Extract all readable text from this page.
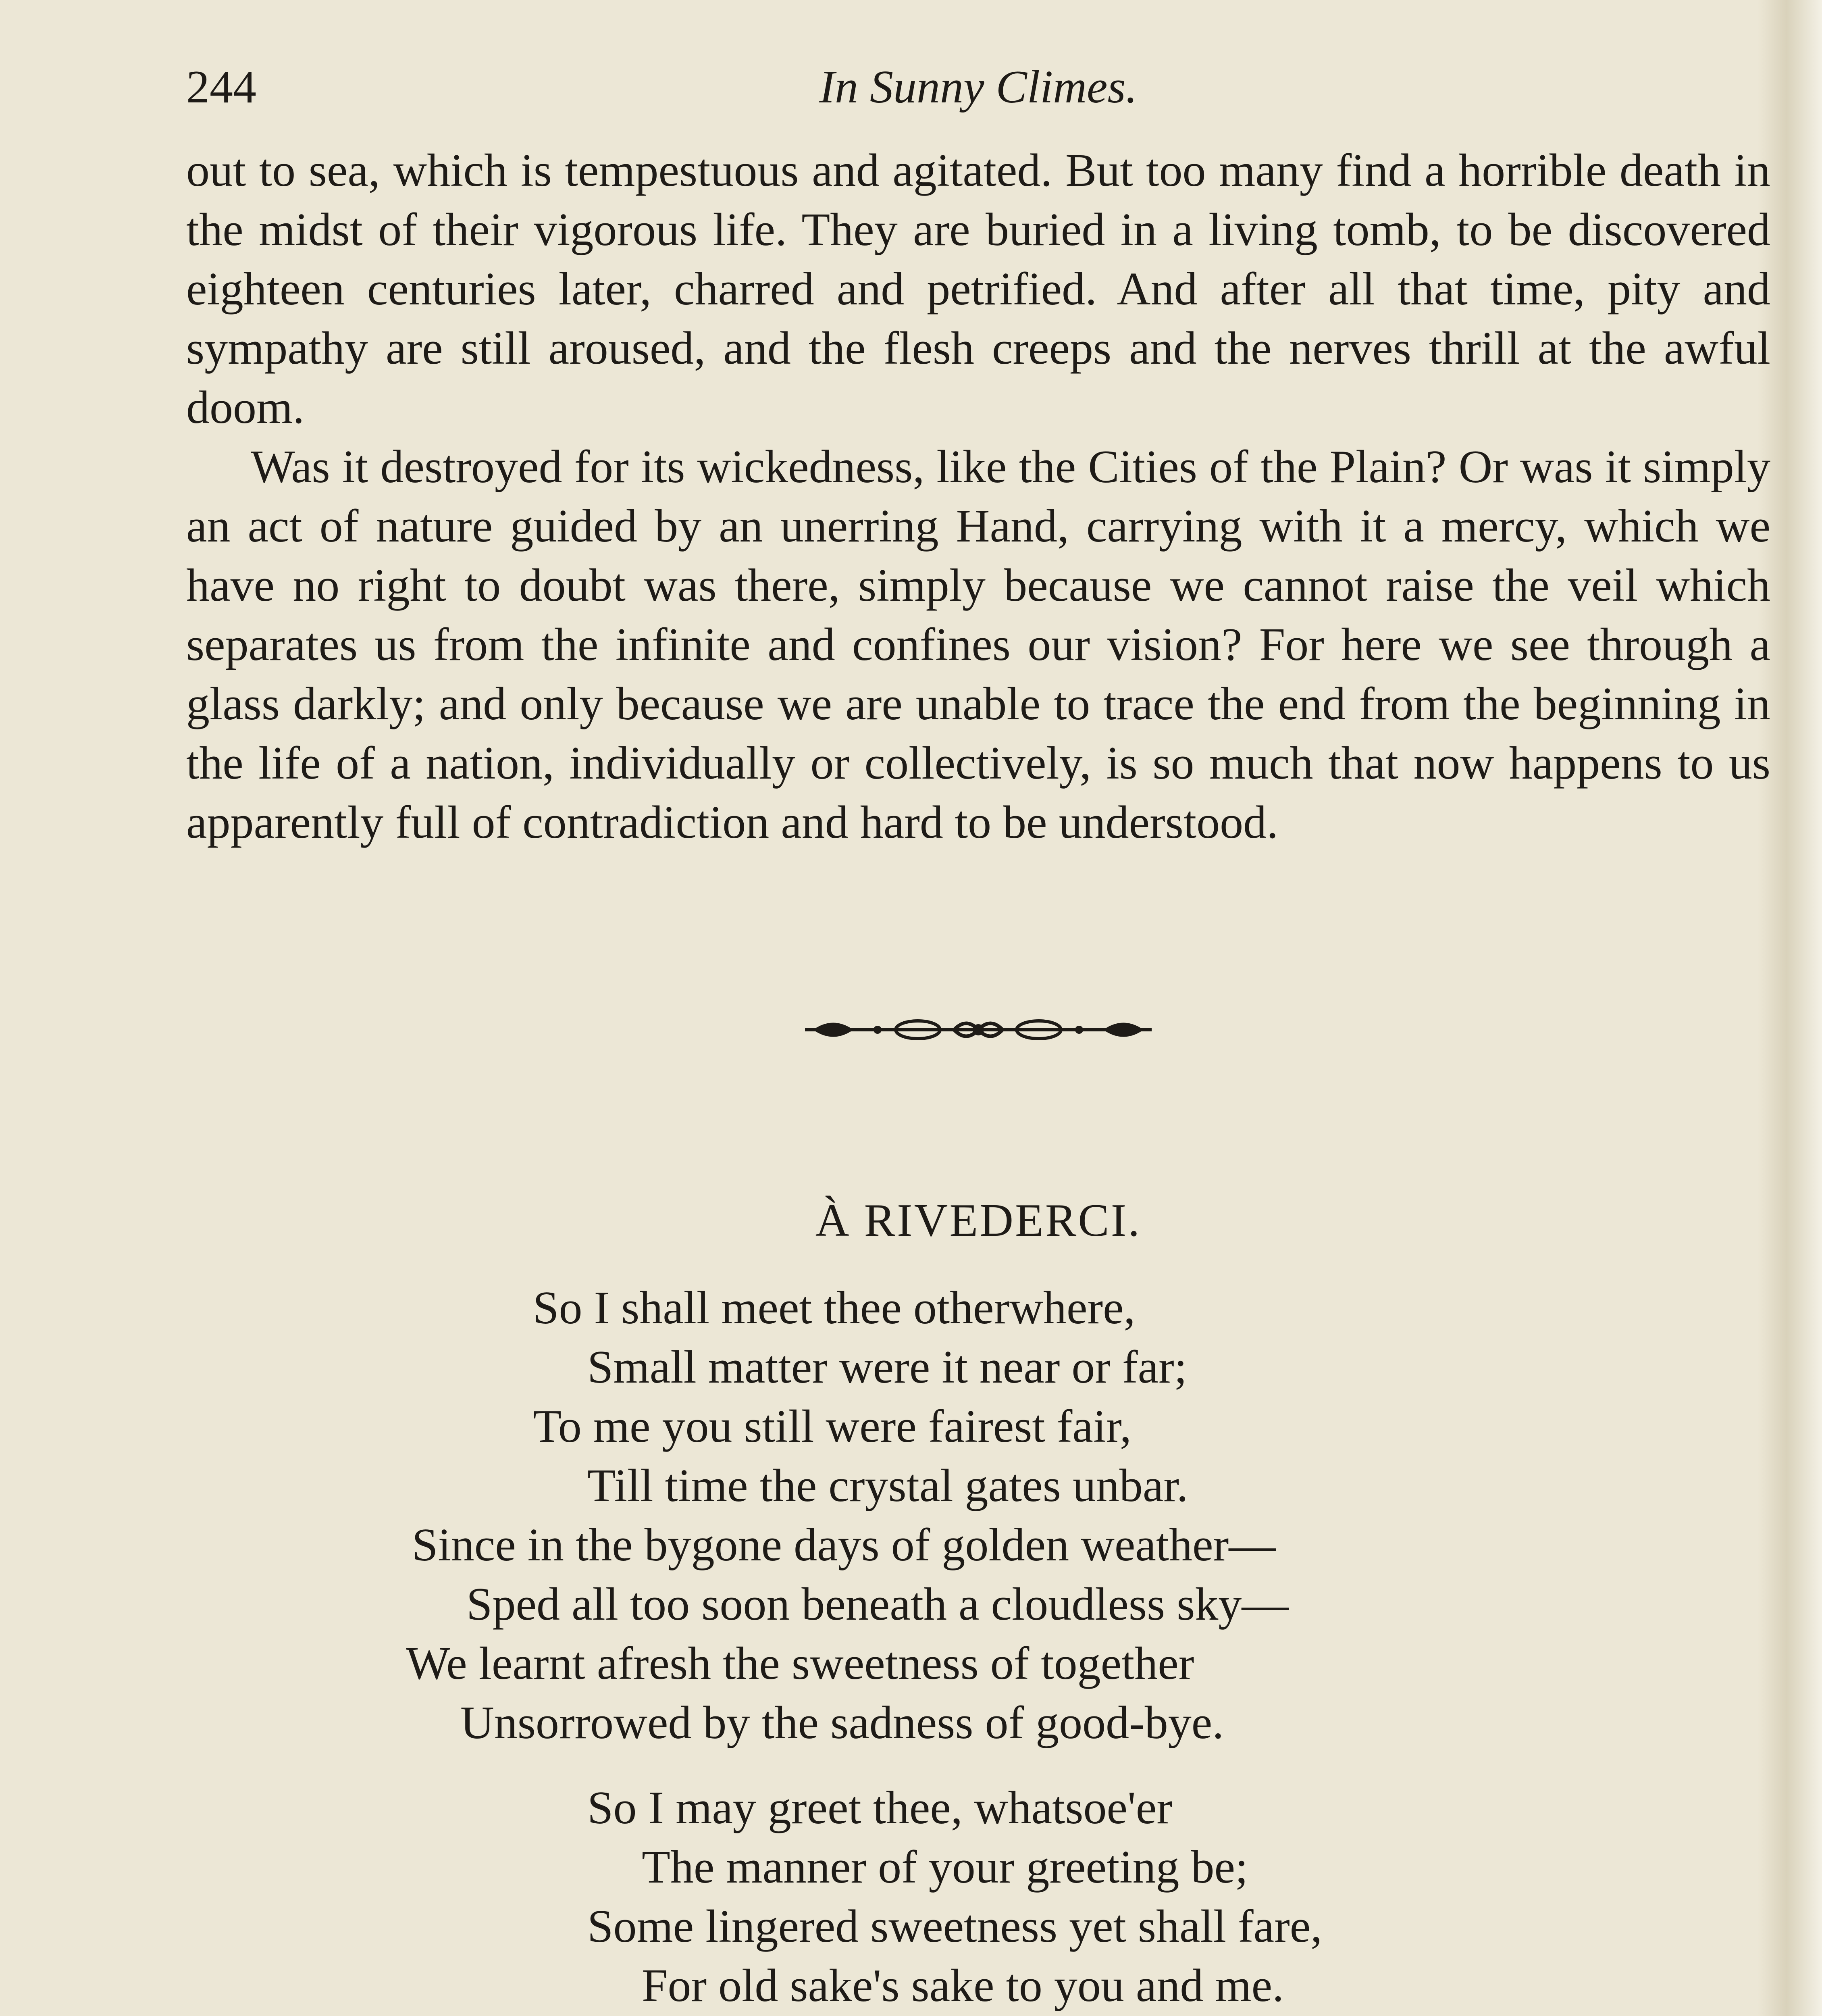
244	In Sunny Climes.

out to sea, which is tempestuous and agitated. But too many find a horrible death in the midst of their vigorous life. They are buried in a living tomb, to be discovered eighteen centuries later, charred and petrified. And after all that time, pity and sympathy are still aroused, and the flesh creeps and the nerves thrill at the awful doom.

Was it destroyed for its wickedness, like the Cities of the Plain? Or was it simply an act of nature guided by an unerring Hand, carrying with it a mercy, which we have no right to doubt was there, simply because we cannot raise the veil which separates us from the infinite and confines our vision? For here we see through a glass darkly; and only because we are unable to trace the end from the beginning in the life of a nation, individually or collectively, is so much that now happens to us apparently full of contradiction and hard to be understood.

À RIVEDERCI.
So I shall meet thee otherwhere,
Small matter were it near or far;
To me you still were fairest fair,
Till time the crystal gates unbar.
Since in the bygone days of golden weather—
Sped all too soon beneath a cloudless sky—
We learnt afresh the sweetness of together
Unsorrowed by the sadness of good-bye.
So I may greet thee, whatsoe'er
The manner of your greeting be;
Some lingered sweetness yet shall fare,
For old sake's sake to you and me.
